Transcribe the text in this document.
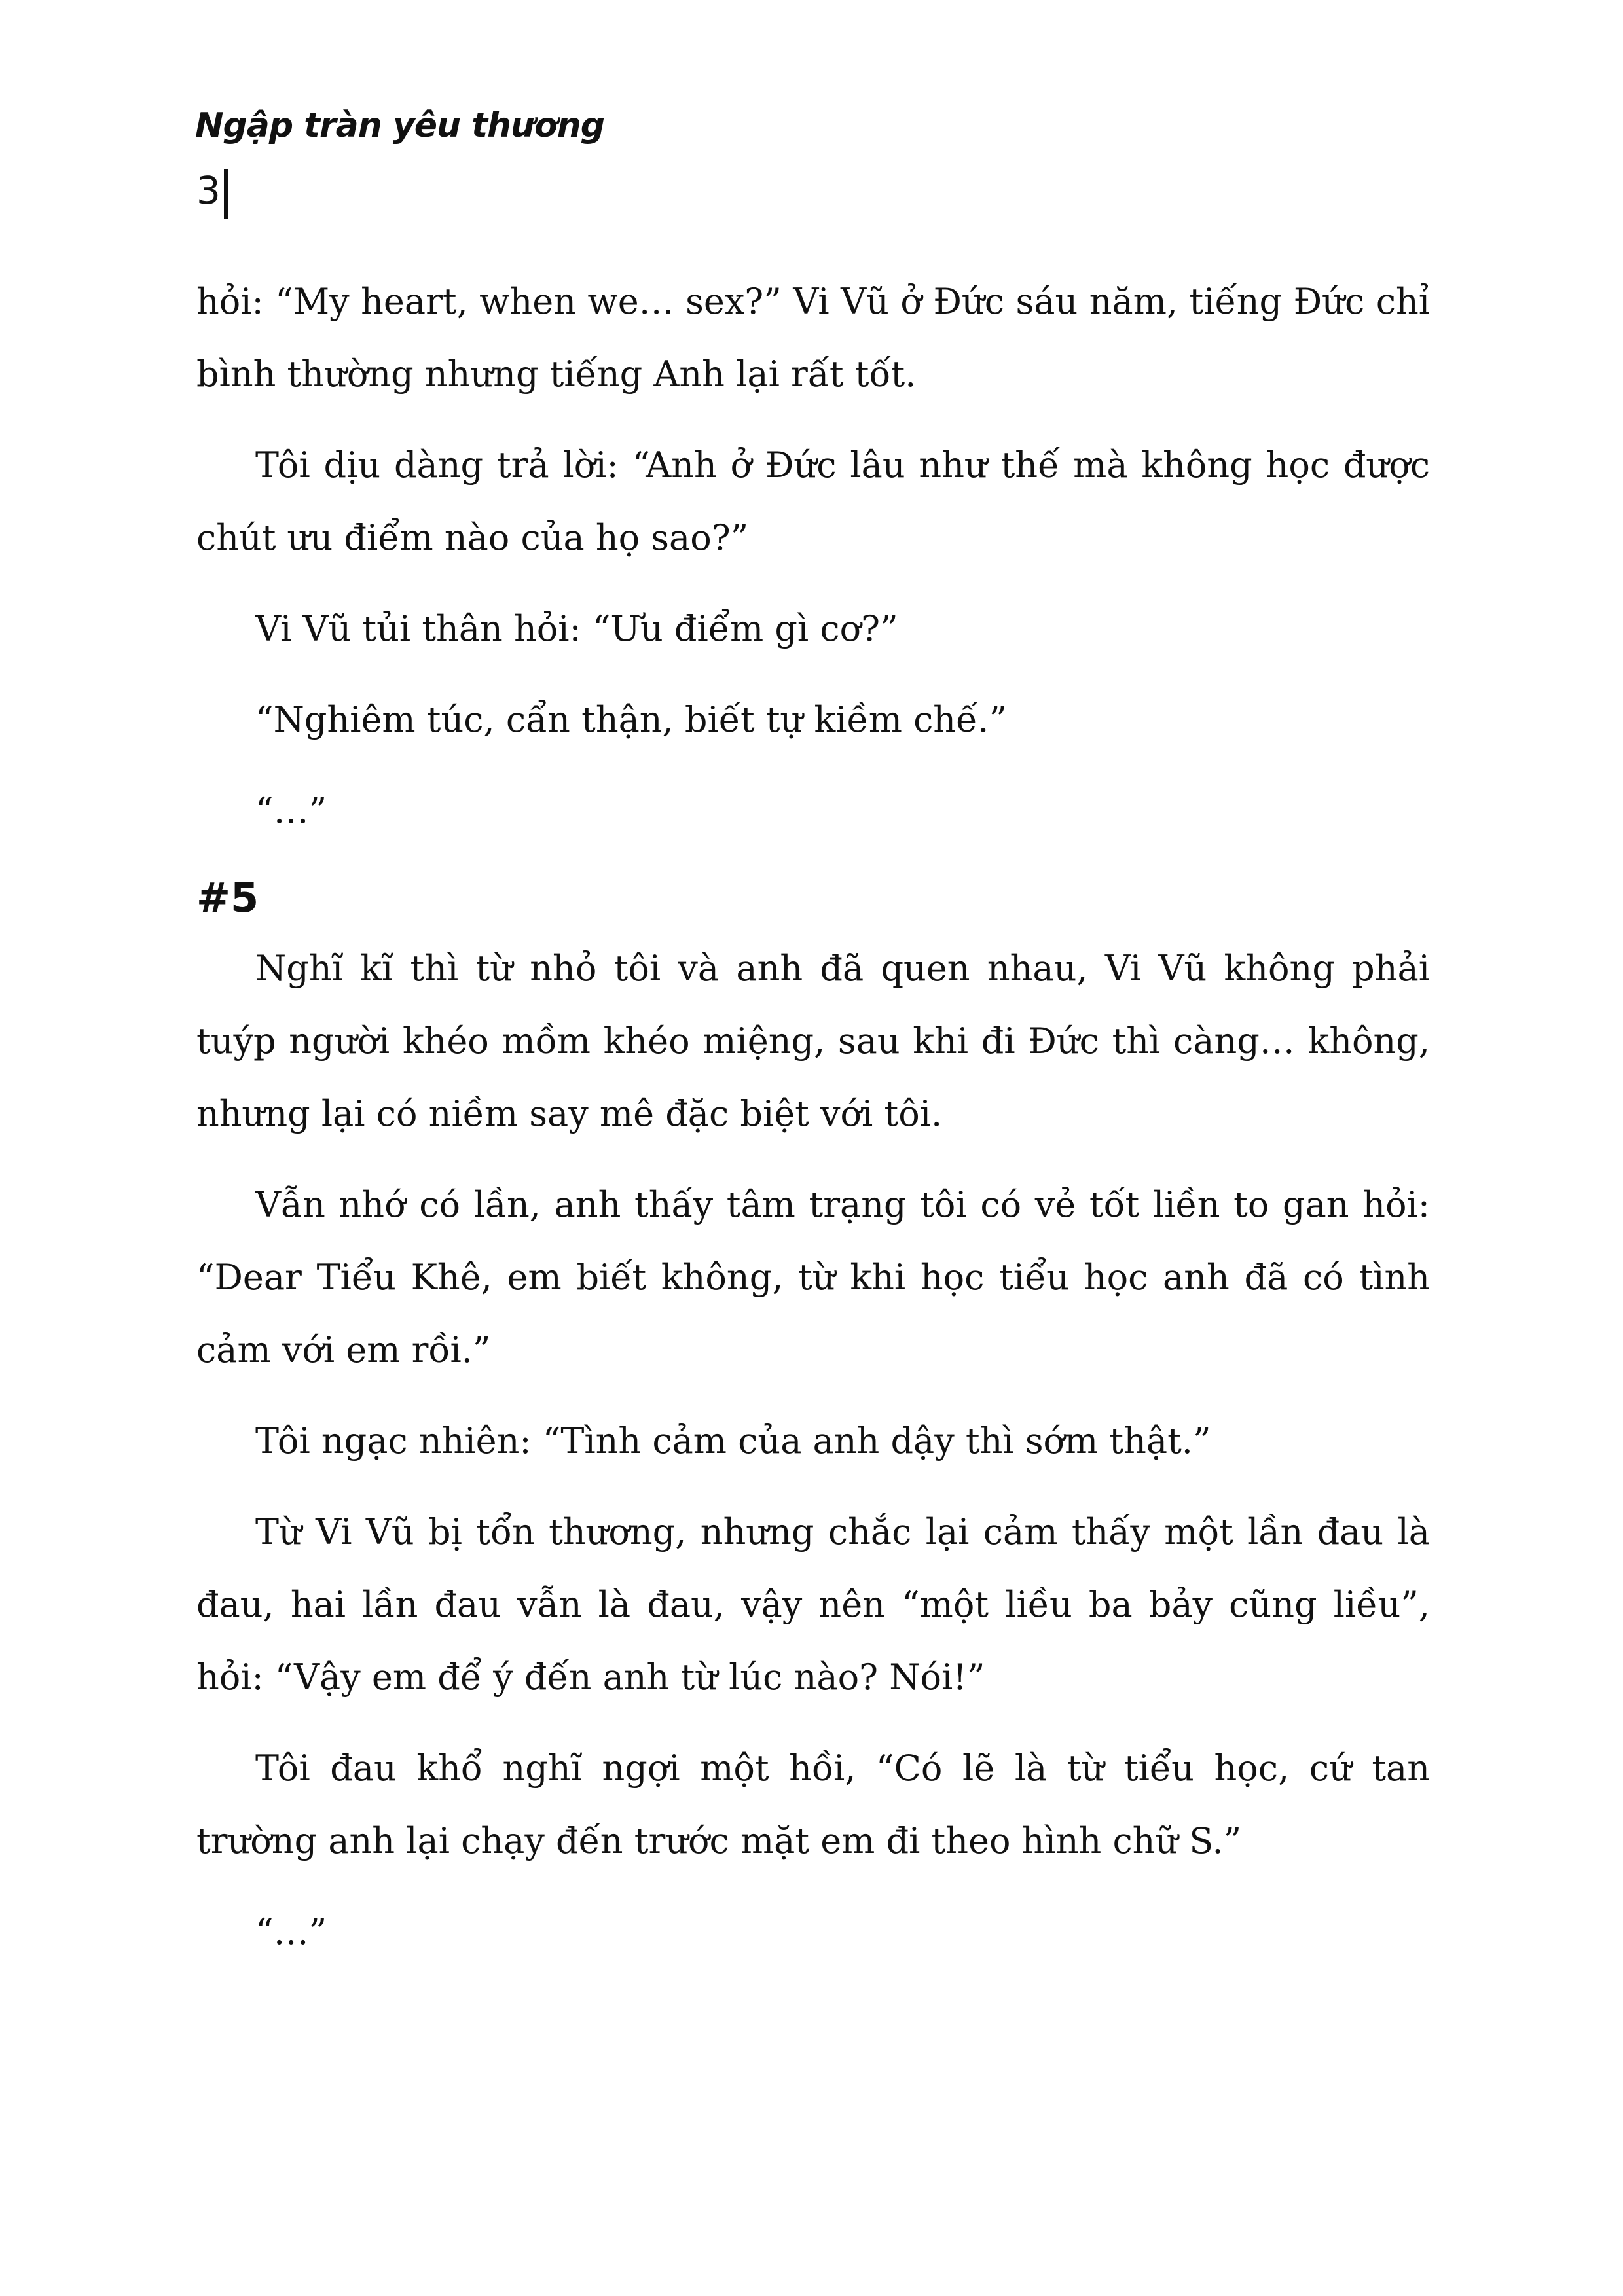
Ngập tràn yêu thương
3

hỏi: “My heart, when we… sex?” Vi Vũ ở Đức sáu năm, tiếng Đức chỉ bình thường nhưng tiếng Anh lại rất tốt.

Tôi dịu dàng trả lời: “Anh ở Đức lâu như thế mà không học được chút ưu điểm nào của họ sao?”

Vi Vũ tủi thân hỏi: “Ưu điểm gì cơ?”

“Nghiêm túc, cẩn thận, biết tự kiềm chế.”

“…”

#5

Nghĩ kĩ thì từ nhỏ tôi và anh đã quen nhau, Vi Vũ không phải tuýp người khéo mồm khéo miệng, sau khi đi Đức thì càng… không, nhưng lại có niềm say mê đặc biệt với tôi.

Vẫn nhớ có lần, anh thấy tâm trạng tôi có vẻ tốt liền to gan hỏi: “Dear Tiểu Khê, em biết không, từ khi học tiểu học anh đã có tình cảm với em rồi.”

Tôi ngạc nhiên: “Tình cảm của anh dậy thì sớm thật.”

Từ Vi Vũ bị tổn thương, nhưng chắc lại cảm thấy một lần đau là đau, hai lần đau vẫn là đau, vậy nên “một liều ba bảy cũng liều”, hỏi: “Vậy em để ý đến anh từ lúc nào? Nói!”

Tôi đau khổ nghĩ ngợi một hồi, “Có lẽ là từ tiểu học, cứ tan trường anh lại chạy đến trước mặt em đi theo hình chữ S.”

“…”
